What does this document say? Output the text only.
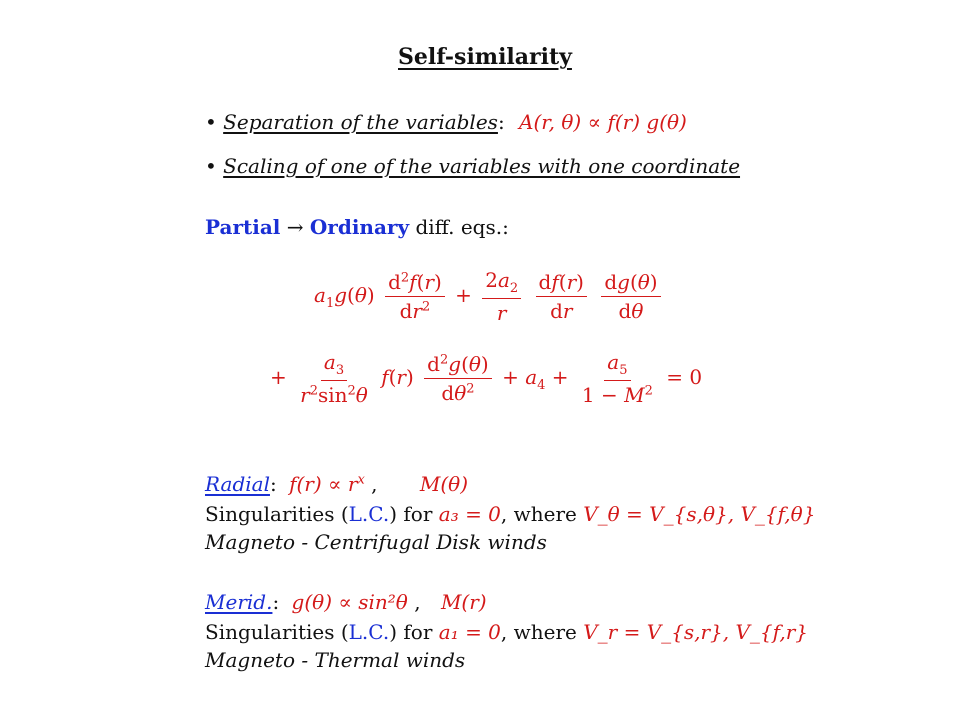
Self-similarity
• Separation of the variables: A(r, θ) ∝ f(r) g(θ)
• Scaling of one of the variables with one coordinate
Partial → Ordinary diff. eqs.:
$a_1g(\theta) \frac{d^2f(r)}{dr^2} + \frac{2a_2}{r}$
$\frac{df(r)}{dr}$
$\frac{dg(\theta)}{d\theta}$
+ $\frac{a_3}{r^2\sin^2\theta} f(r) \frac{d^2g(\theta)}{d\theta^2} + a_4 + \frac{a_5}{1 - M^2} = 0$
Radial: $f(r) \propto r^x$ , M(θ)
Singularities (L.C.) for a₃ = 0, where V_θ = V_{s,θ}, V_{f,θ}
Magneto - Centrifugal Disk winds
Merid.: g(θ) ∝ sin²θ , M(r)
Singularities (L.C.) for a₁ = 0, where V_r = V_{s,r}, V_{f,r}
Magneto - Thermal winds
